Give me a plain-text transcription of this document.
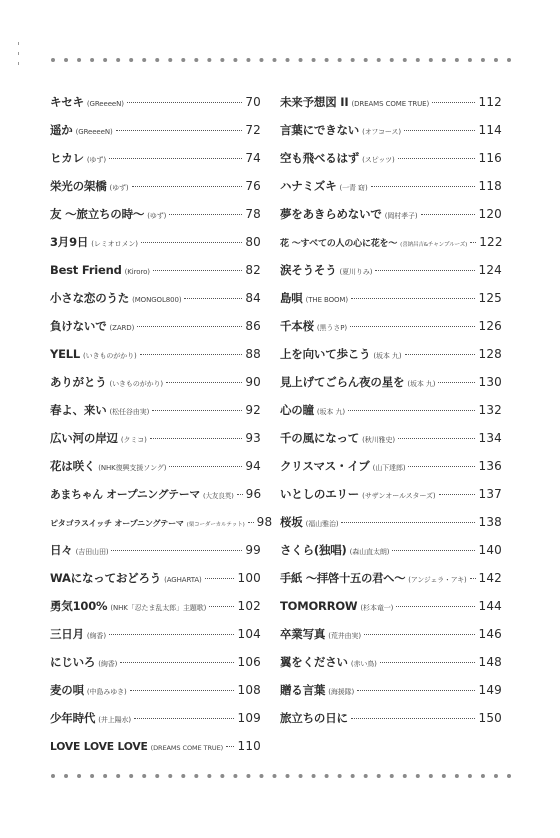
キセキ (GReeeeN)	70
遥か (GReeeeN)	72
ヒカレ (ゆず)	74
栄光の架橋 (ゆず)	76
友 ～旅立ちの時～ (ゆず)	78
3月9日 (レミオロメン)	80
Best Friend (Kiroro)	82
小さな恋のうた (MONGOL800)	84
負けないで (ZARD)	86
YELL (いきものがかり)	88
ありがとう (いきものがかり)	90
春よ、来い (松任谷由実)	92
広い河の岸辺 (クミコ)	93
花は咲く (NHK復興支援ソング)	94
あまちゃん オープニングテーマ (大友良英) 96
ピタゴラスイッチ オープニングテーマ (栗コーダーカルテット) 98
日々 (吉田山田)	99
WAになっておどろう (AGHARTA)	100
勇気100% (NHK「忍たま乱太郎」主題歌)	102
三日月 (絢香)	104
にじいろ (絢香)	106
麦の唄 (中島みゆき)	108
少年時代 (井上陽水)	109
LOVE LOVE LOVE (DREAMS COME TRUE) 110
未来予想図 II (DREAMS COME TRUE)	112
言葉にできない (オフコース)	114
空も飛べるはず (スピッツ)	116
ハナミズキ (一青 窈)	118
夢をあきらめないで (岡村孝子)	120
花 ～すべての人の心に花を～ (喜納昌吉&チャンプルーズ) 122
涙そうそう (夏川りみ)	124
島唄 (THE BOOM)	125
千本桜 (黒うさP)	126
上を向いて歩こう (坂本 九)	128
見上げてごらん夜の星を (坂本 九)	130
心の瞳 (坂本 九)	132
千の風になって (秋川雅史)	134
クリスマス・イブ (山下達郎)	136
いとしのエリー (サザンオールスターズ)	137
桜坂 (福山雅治)	138
さくら(独唱) (森山直太朗)	140
手紙 ～拝啓十五の君へ～ (アンジェラ・アキ) 142
TOMORROW (杉本竜一)	144
卒業写真 (荒井由実)	146
翼をください (赤い鳥)	148
贈る言葉 (海援隊)	149
旅立ちの日に	150
